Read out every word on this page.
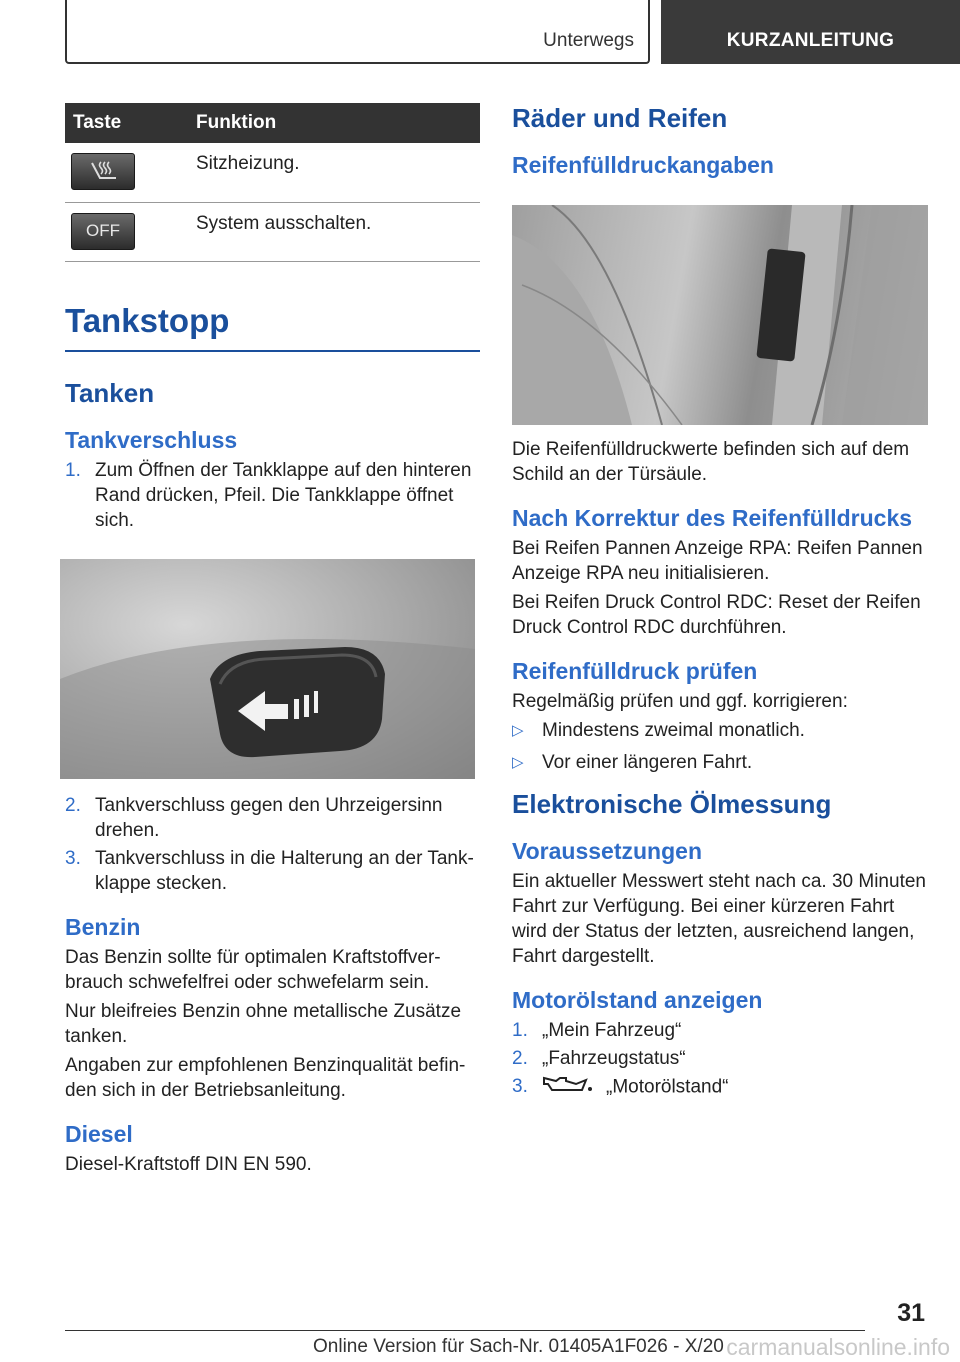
Unterwegs	KURZANLEITUNG
Taste	Funktion

	Sitzheizung.

OFF	System ausschalten.
Tankstopp
Tanken
Tankverschluss
1. Zum Öffnen der Tankklappe auf den hinteren Rand drücken, Pfeil. Die Tankklappe öffnet sich.
2. Tankverschluss gegen den Uhrzeigersinn drehen.
3. Tankverschluss in die Halterung an der Tankklappe stecken.
Benzin

Das Benzin sollte für optimalen Kraftstoffverbrauch schwefelfrei oder schwefelarm sein.

Nur bleifreies Benzin ohne metallische Zusätze tanken.

Angaben zur empfohlenen Benzinqualität befinden sich in der Betriebsanleitung.

Diesel

Diesel-Kraftstoff DIN EN 590.

Räder und Reifen
Reifenfülldruckangaben

Die Reifenfülldruckwerte befinden sich auf dem Schild an der Türsäule.

Nach Korrektur des Reifenfülldrucks

Bei Reifen Pannen Anzeige RPA: Reifen Pannen Anzeige RPA neu initialisieren.

Bei Reifen Druck Control RDC: Reset der Reifen Druck Control RDC durchführen.

Reifenfülldruck prüfen

Regelmäßig prüfen und ggf. korrigieren:

▷ Mindestens zweimal monatlich.
▷ Vor einer längeren Fahrt.
Elektronische Ölmessung
Voraussetzungen

Ein aktueller Messwert steht nach ca. 30 Minuten Fahrt zur Verfügung. Bei einer kürzeren Fahrt wird der Status der letzten, ausreichend langen, Fahrt dargestellt.

Motorölstand anzeigen
1. „Mein Fahrzeug“
2. „Fahrzeugstatus“
3.	„Motorölstand“
31
Online Version für Sach-Nr. 01405A1F026 - X/20 carmanualsonline.info
